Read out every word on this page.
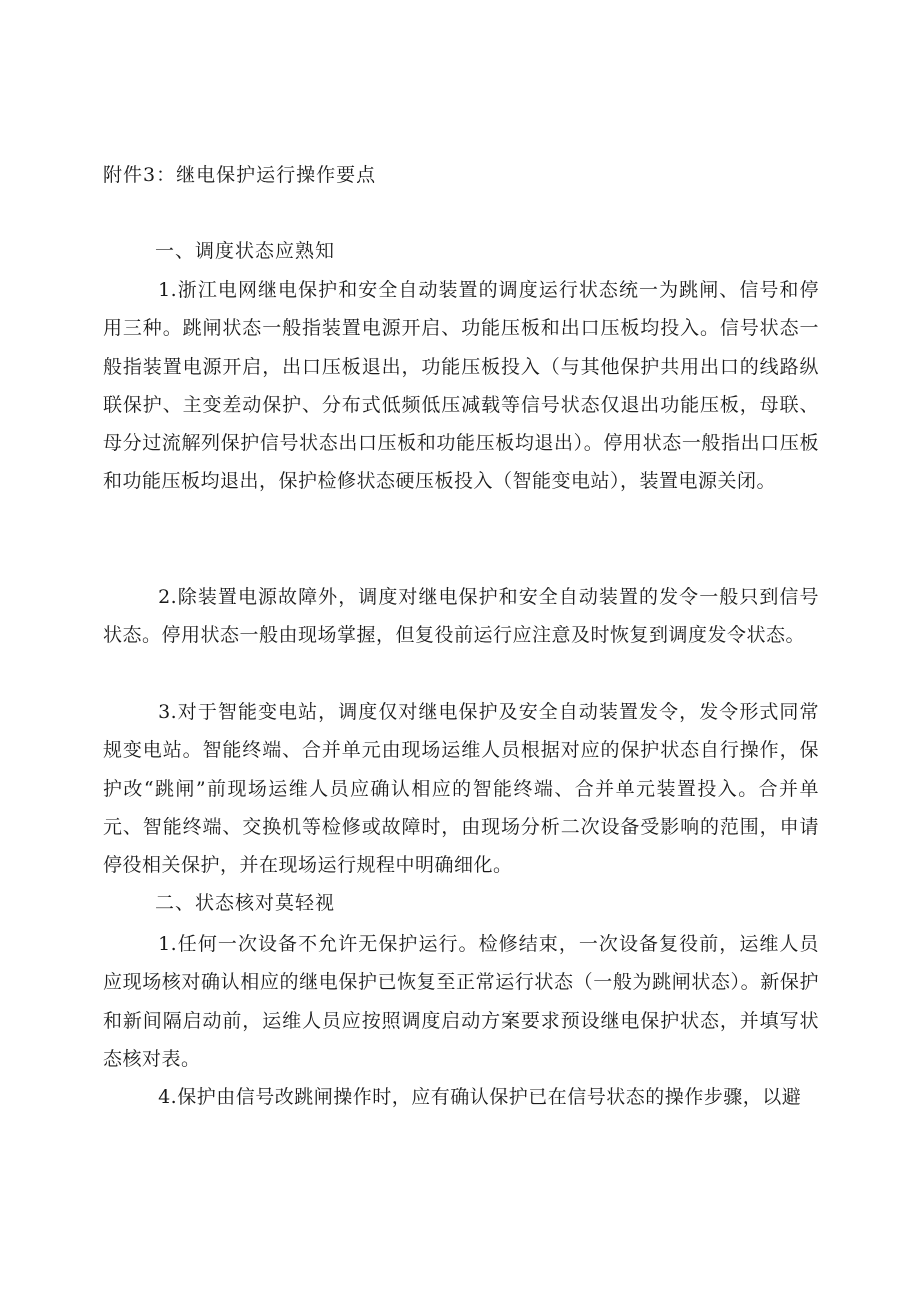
附件3：继电保护运行操作要点
一、调度状态应熟知

1.浙江电网继电保护和安全自动装置的调度运行状态统一为跳闸、信号和停用三种。跳闸状态一般指装置电源开启、功能压板和出口压板均投入。信号状态一般指装置电源开启，出口压板退出，功能压板投入（与其他保护共用出口的线路纵联保护、主变差动保护、分布式低频低压减载等信号状态仅退出功能压板，母联、母分过流解列保护信号状态出口压板和功能压板均退出）。停用状态一般指出口压板和功能压板均退出，保护检修状态硬压板投入（智能变电站），装置电源关闭。

2.除装置电源故障外，调度对继电保护和安全自动装置的发令一般只到信号状态。停用状态一般由现场掌握，但复役前运行应注意及时恢复到调度发令状态。

3.对于智能变电站，调度仅对继电保护及安全自动装置发令，发令形式同常规变电站。智能终端、合并单元由现场运维人员根据对应的保护状态自行操作，保护改“跳闸”前现场运维人员应确认相应的智能终端、合并单元装置投入。合并单元、智能终端、交换机等检修或故障时，由现场分析二次设备受影响的范围，申请停役相关保护，并在现场运行规程中明确细化。

二、状态核对莫轻视

1.任何一次设备不允许无保护运行。检修结束，一次设备复役前，运维人员应现场核对确认相应的继电保护已恢复至正常运行状态（一般为跳闸状态）。新保护和新间隔启动前，运维人员应按照调度启动方案要求预设继电保护状态，并填写状态核对表。

4.保护由信号改跳闸操作时，应有确认保护已在信号状态的操作步骤，以避
